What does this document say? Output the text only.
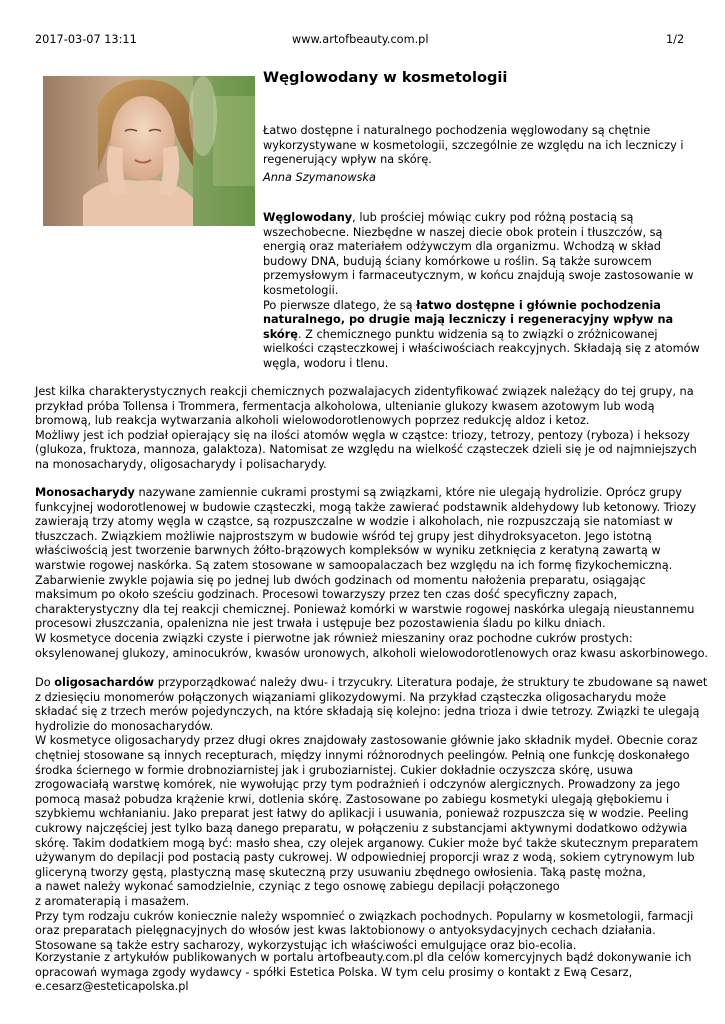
2017-03-07 13:11	www.artofbeauty.com.pl	1/2
Węglowodany w kosmetologii
Łatwo dostępne i naturalnego pochodzenia węglowodany są chętnie
wykorzystywane w kosmetologii, szczególnie ze względu na ich leczniczy i
regenerujący wpływ na skórę.
Anna Szymanowska
Węglowodany, lub prościej mówiąc cukry pod różną postacią są
wszechobecne. Niezbędne w naszej diecie obok protein i tłuszczów, są
energią oraz materiałem odżywczym dla organizmu. Wchodzą w skład
budowy DNA, budują ściany komórkowe u roślin. Są także surowcem
przemysłowym i farmaceutycznym, w końcu znajdują swoje zastosowanie w
kosmetologii.
Po pierwsze dlatego, że są łatwo dostępne i głównie pochodzenia
naturalnego, po drugie mają leczniczy i regeneracyjny wpływ na
skórę. Z chemicznego punktu widzenia są to związki o zróżnicowanej
wielkości cząsteczkowej i właściwościach reakcyjnych. Składają się z atomów
węgla, wodoru i tlenu.
Jest kilka charakterystycznych reakcji chemicznych pozwalajacych zidentyfikować związek należący do tej grupy, na
przykład próba Tollensa i Trommera, fermentacja alkoholowa, ultenianie glukozy kwasem azotowym lub wodą
bromową, lub reakcja wytwarzania alkoholi wielowodorotlenowych poprzez redukcję aldoz i ketoz.
Możliwy jest ich podział opierający się na ilości atomów węgla w cząstce: triozy, tetrozy, pentozy (ryboza) i heksozy
(glukoza, fruktoza, mannoza, galaktoza). Natomisat ze względu na wielkość cząsteczek dzieli się je od najmniejszych
na monosacharydy, oligosacharydy i polisacharydy.
Monosacharydy nazywane zamiennie cukrami prostymi są związkami, które nie ulegają hydrolizie. Oprócz grupy
funkcyjnej wodorotlenowej w budowie cząsteczki, mogą także zawierać podstawnik aldehydowy lub ketonowy. Triozy
zawierają trzy atomy węgla w cząstce, są rozpuszczalne w wodzie i alkoholach, nie rozpuszczają sie natomiast w
tłuszczach. Związkiem możliwie najprostszym w budowie wśród tej grupy jest dihydroksyaceton. Jego istotną
właściwością jest tworzenie barwnych żółto-brązowych kompleksów w wyniku zetknięcia z keratyną zawartą w
warstwie rogowej naskórka. Są zatem stosowane w samoopalaczach bez względu na ich formę fizykochemiczną.
Zabarwienie zwykle pojawia się po jednej lub dwóch godzinach od momentu nałożenia preparatu, osiągając
maksimum po około sześciu godzinach. Procesowi towarzyszy przez ten czas dość specyficzny zapach,
charakterystyczny dla tej reakcji chemicznej. Ponieważ komórki w warstwie rogowej naskórka ulegają nieustannemu
procesowi złuszczania, opalenizna nie jest trwała i ustępuje bez pozostawienia śladu po kilku dniach.
W kosmetyce docenia związki czyste i pierwotne jak również mieszaniny oraz pochodne cukrów prostych:
oksylenowanej glukozy, aminocukrów, kwasów uronowych, alkoholi wielowodorotlenowych oraz kwasu askorbinowego.
Do oligosachardów przyporządkować należy dwu- i trzycukry. Literatura podaje, że struktury te zbudowane są nawet
z dziesięciu monomerów połączonych wiązaniami glikozydowymi. Na przykład cząsteczka oligosacharydu może
składać się z trzech merów pojedynczych, na które składają się kolejno: jedna trioza i dwie tetrozy. Związki te ulegają
hydrolizie do monosacharydów.
W kosmetyce oligosacharydy przez długi okres znajdowały zastosowanie głównie jako składnik mydeł. Obecnie coraz
chętniej stosowane są innych recepturach, między innymi różnorodnych peelingów. Pełnią one funkcję doskonałego
środka ściernego w formie drobnoziarnistej jak i gruboziarnistej. Cukier dokładnie oczyszcza skórę, usuwa
zrogowaciałą warstwę komórek, nie wywołując przy tym podrażnień i odczynów alergicznych. Prowadzony za jego
pomocą masaż pobudza krążenie krwi, dotlenia skórę. Zastosowane po zabiegu kosmetyki ulegają głębokiemu i
szybkiemu wchłanianiu. Jako preparat jest łatwy do aplikacji i usuwania, ponieważ rozpuszcza się w wodzie. Peeling
cukrowy najczęściej jest tylko bazą danego preparatu, w połączeniu z substancjami aktywnymi dodatkowo odżywia
skórę. Takim dodatkiem mogą być: masło shea, czy olejek arganowy. Cukier może być także skutecznym preparatem
używanym do depilacji pod postacią pasty cukrowej. W odpowiedniej proporcji wraz z wodą, sokiem cytrynowym lub
gliceryną tworzy gęstą, plastyczną masę skuteczną przy usuwaniu zbędnego owłosienia. Taką pastę można,
a nawet należy wykonać samodzielnie, czyniąc z tego osnowę zabiegu depilacji połączonego
z aromaterapią i masażem.
Przy tym rodzaju cukrów koniecznie należy wspomnieć o związkach pochodnych. Popularny w kosmetologii, farmacji
oraz preparatach pielęgnacyjnych do włosów jest kwas laktobionowy o antyoksydacyjnych cechach działania.
Stosowane są także estry sacharozy, wykorzystując ich właściwości emulgujące oraz bio-ecolia.
Korzystanie z artykułów publikowanych w portalu artofbeauty.com.pl dla celów komercyjnych bądź dokonywanie ich
opracowań wymaga zgody wydawcy - spółki Estetica Polska. W tym celu prosimy o kontakt z Ewą Cesarz,
e.cesarz@esteticapolska.pl
